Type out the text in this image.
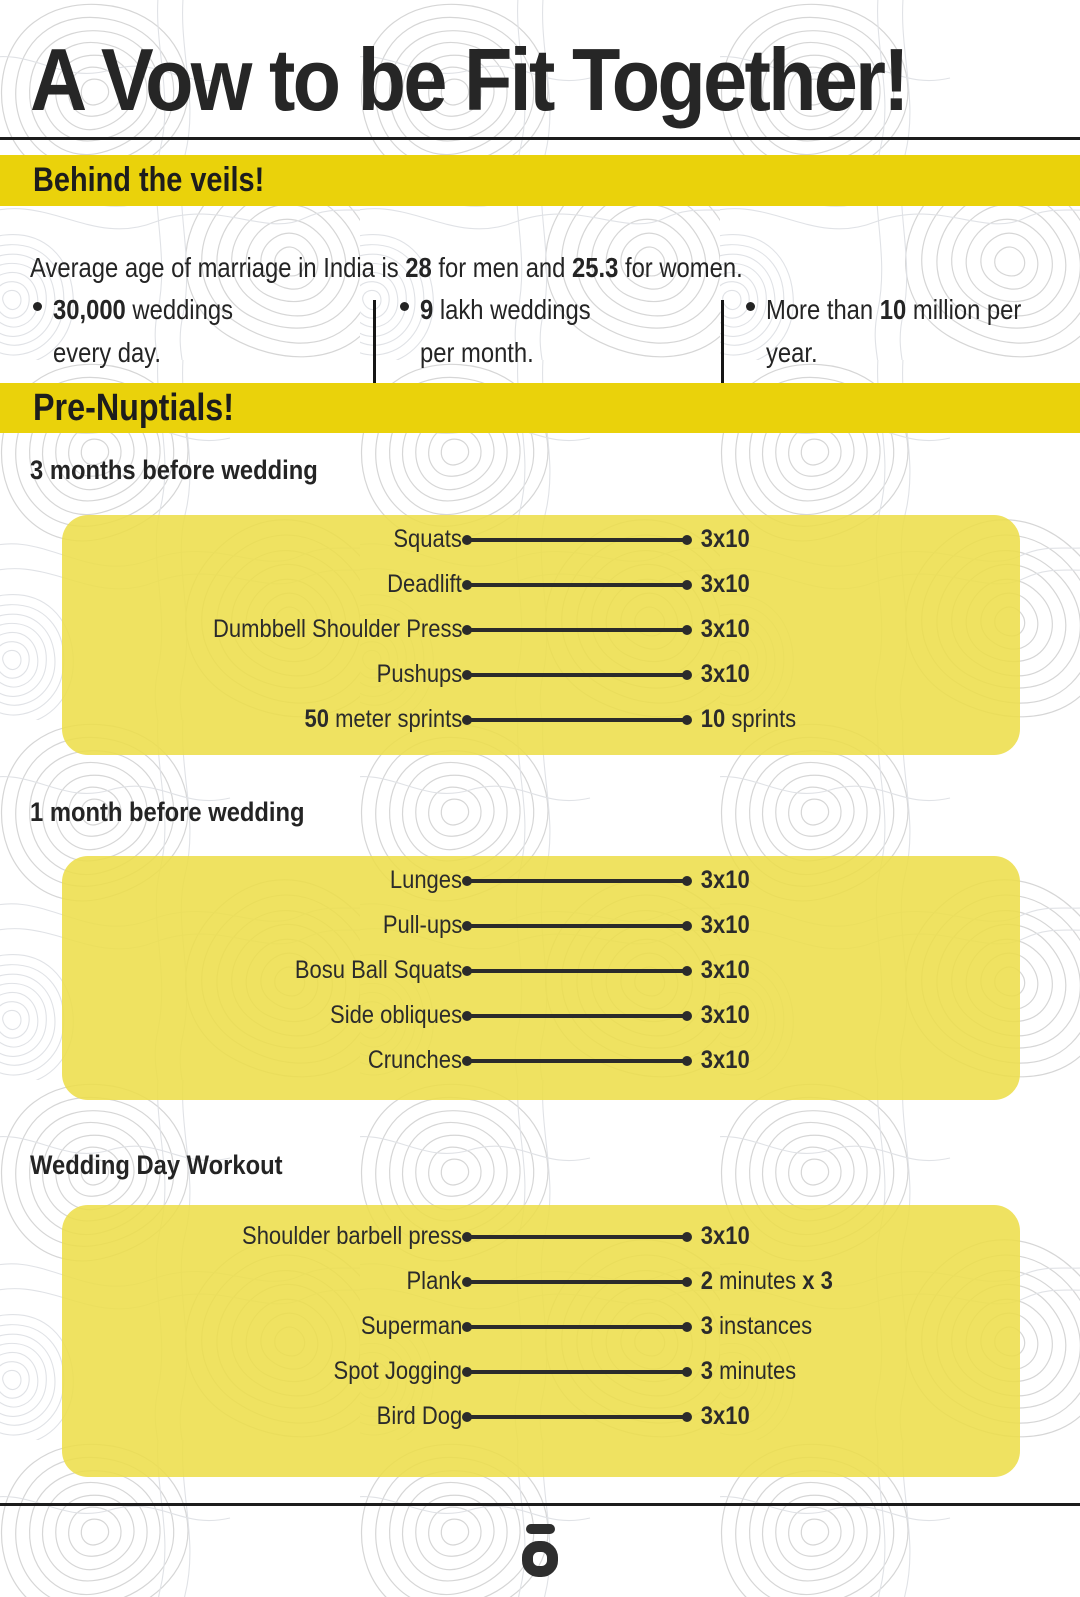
A Vow to be Fit Together!
Behind the veils!

Average age of marriage in India is 28 for men and 25.3 for women.

30,000 weddings every day.
9 lakh weddings per month.
More than 10 million per year.
Pre-Nuptials!
3 months before wedding
Squats	3x10
Deadlift	3x10
Dumbbell Shoulder Press	3x10
Pushups	3x10
50 meter sprints	10 sprints
1 month before wedding
Lunges	3x10
Pull-ups	3x10
Bosu Ball Squats	3x10
Side obliques	3x10
Crunches	3x10
Wedding Day Workout
Shoulder barbell press	3x10
Plank	2 minutes x 3
Superman	3 instances
Spot Jogging	3 minutes
Bird Dog	3x10
